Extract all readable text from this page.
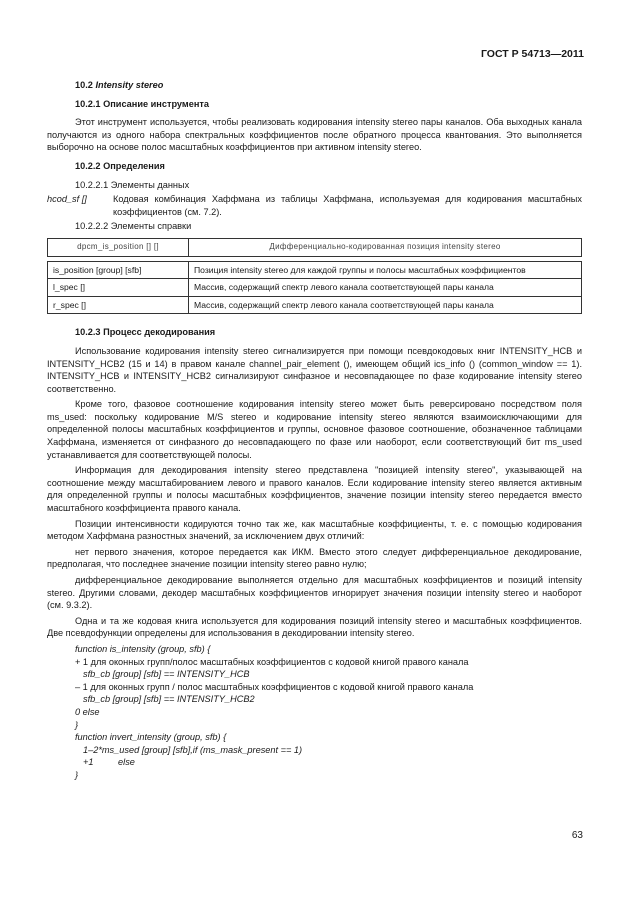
ГОСТ Р 54713—2011
10.2 Intensity stereo
10.2.1 Описание инструмента
Этот инструмент используется, чтобы реализовать кодирования intensity stereo пары каналов. Оба выходных канала получаются из одного набора спектральных коэффициентов после обратного процесса квантования. Это выполняется выборочно на основе полос масштабных коэффициентов при активном intensity stereo.
10.2.2 Определения
10.2.2.1 Элементы данных
hcod_sf []	Кодовая комбинация Хаффмана из таблицы Хаффмана, используемая для кодирования масштабных коэффициентов (см. 7.2).
10.2.2.2 Элементы справки
dpcm_is_position [] []	Дифференциально-кодированная позиция intensity stereo

is_position [group] [sfb]	Позиция intensity stereo для каждой группы и полосы масштабных коэффициентов
l_spec []	Массив, содержащий спектр левого канала соответствующей пары канала
r_spec []	Массив, содержащий спектр левого канала соответствующей пары канала
10.2.3 Процесс декодирования
Использование кодирования intensity stereo сигнализируется при помощи псевдокодовых книг INTENSITY_HCB и INTENSITY_HCB2 (15 и 14) в правом канале channel_pair_element (), имеющем общий ics_info () (common_window == 1). INTENSITY_HCB и INTENSITY_HCB2 сигнализируют синфазное и несовпадающее по фазе кодирование intensity stereo соответственно.
Кроме того, фазовое соотношение кодирования intensity stereo может быть реверсировано посредством поля ms_used: поскольку кодирование M/S stereo и кодирование intensity stereo являются взаимоисключающими для определенной полосы масштабных коэффициентов и группы, основное фазовое соотношение, обозначенное таблицами Хаффмана, изменяется от синфазного до несовпадающего по фазе или наоборот, если соответствующий бит ms_used устанавливается для соответствующей полосы.
Информация для декодирования intensity stereo представлена "позицией intensity stereo", указывающей на соотношение между масштабированием левого и правого каналов. Если кодирование intensity stereo является активным для определенной группы и полосы масштабных коэффициентов, значение позиции intensity stereo передается вместо масштабного коэффициента правого канала.
Позиции интенсивности кодируются точно так же, как масштабные коэффициенты, т. е. с помощью кодирования методом Хаффмана разностных значений, за исключением двух отличий:
нет первого значения, которое передается как ИКМ. Вместо этого следует дифференциальное декодирование, предполагая, что последнее значение позиции intensity stereo равно нулю;
дифференциальное декодирование выполняется отдельно для масштабных коэффициентов и позиций intensity stereo. Другими словами, декодер масштабных коэффициентов игнорирует значения позиции intensity stereo и наоборот (см. 9.3.2).
Одна и та же кодовая книга используется для кодирования позиций intensity stereo и масштабных коэффициентов. Две псевдофункции определены для использования в декодировании intensity stereo.
function is_intensity (group, sfb) {
+ 1 для оконных групп/полос масштабных коэффициентов с кодовой книгой правого канала
sfb_cb [group] [sfb] == INTENSITY_HCB
– 1 для оконных групп / полос масштабных коэффициентов с кодовой книгой правого канала
sfb_cb [group] [sfb] == INTENSITY_HCB2
0 else
}
function invert_intensity (group, sfb) {
1–2*ms_used [group] [sfb],if (ms_mask_present == 1)
+1	else
}
63
